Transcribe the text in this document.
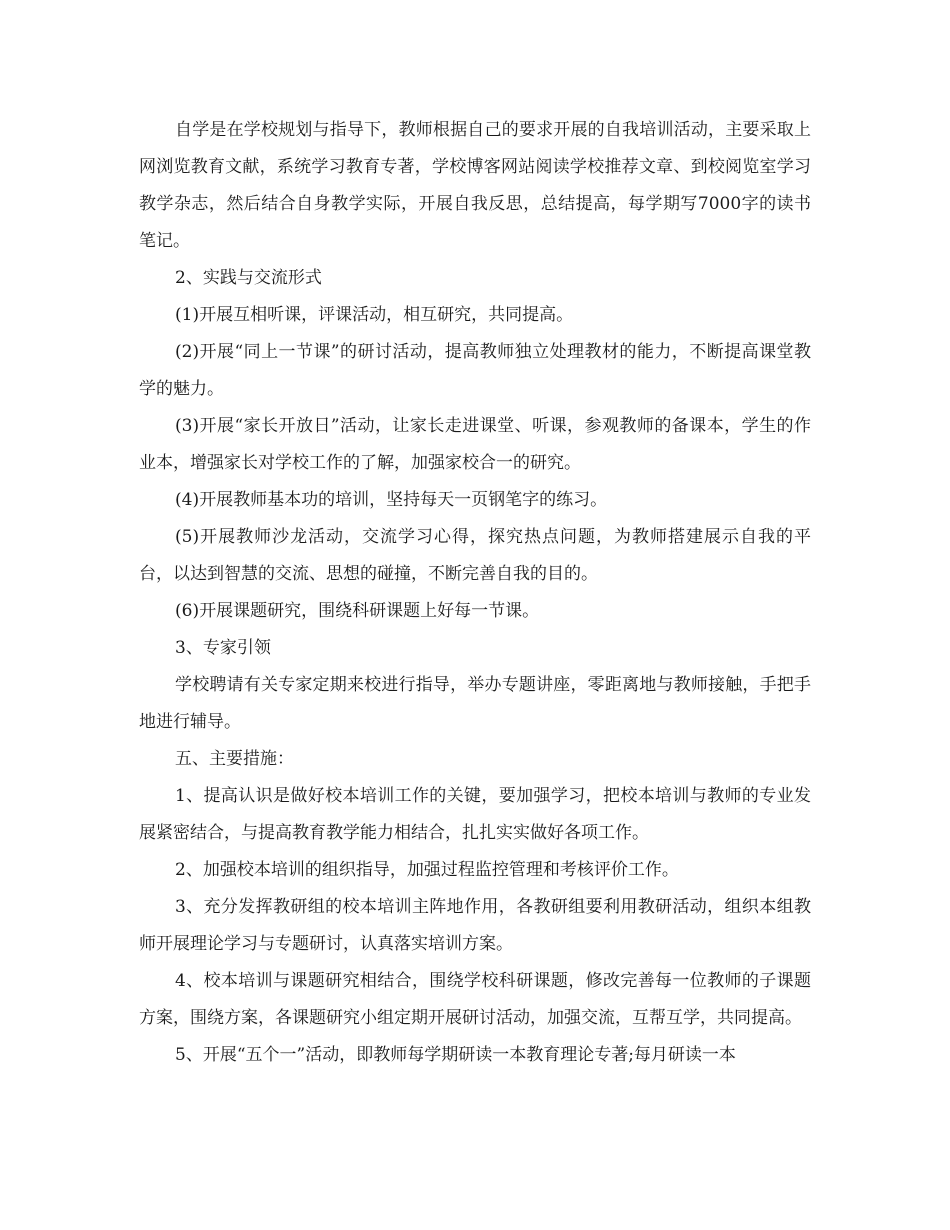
自学是在学校规划与指导下，教师根据自己的要求开展的自我培训活动，主要采取上网浏览教育文献，系统学习教育专著，学校博客网站阅读学校推荐文章、到校阅览室学习教学杂志，然后结合自身教学实际，开展自我反思，总结提高，每学期写7000字的读书笔记。

2、实践与交流形式

(1)开展互相听课，评课活动，相互研究，共同提高。

(2)开展“同上一节课”的研讨活动，提高教师独立处理教材的能力，不断提高课堂教学的魅力。

(3)开展“家长开放日”活动，让家长走进课堂、听课，参观教师的备课本，学生的作业本，增强家长对学校工作的了解，加强家校合一的研究。

(4)开展教师基本功的培训，坚持每天一页钢笔字的练习。

(5)开展教师沙龙活动，交流学习心得，探究热点问题，为教师搭建展示自我的平台，以达到智慧的交流、思想的碰撞，不断完善自我的目的。

(6)开展课题研究，围绕科研课题上好每一节课。

3、专家引领

学校聘请有关专家定期来校进行指导，举办专题讲座，零距离地与教师接触，手把手地进行辅导。

五、主要措施：

1、提高认识是做好校本培训工作的关键，要加强学习，把校本培训与教师的专业发展紧密结合，与提高教育教学能力相结合，扎扎实实做好各项工作。

2、加强校本培训的组织指导，加强过程监控管理和考核评价工作。

3、充分发挥教研组的校本培训主阵地作用，各教研组要利用教研活动，组织本组教师开展理论学习与专题研讨，认真落实培训方案。

4、校本培训与课题研究相结合，围绕学校科研课题，修改完善每一位教师的子课题方案，围绕方案，各课题研究小组定期开展研讨活动，加强交流，互帮互学，共同提高。

5、开展“五个一”活动，即教师每学期研读一本教育理论专著;每月研读一本
